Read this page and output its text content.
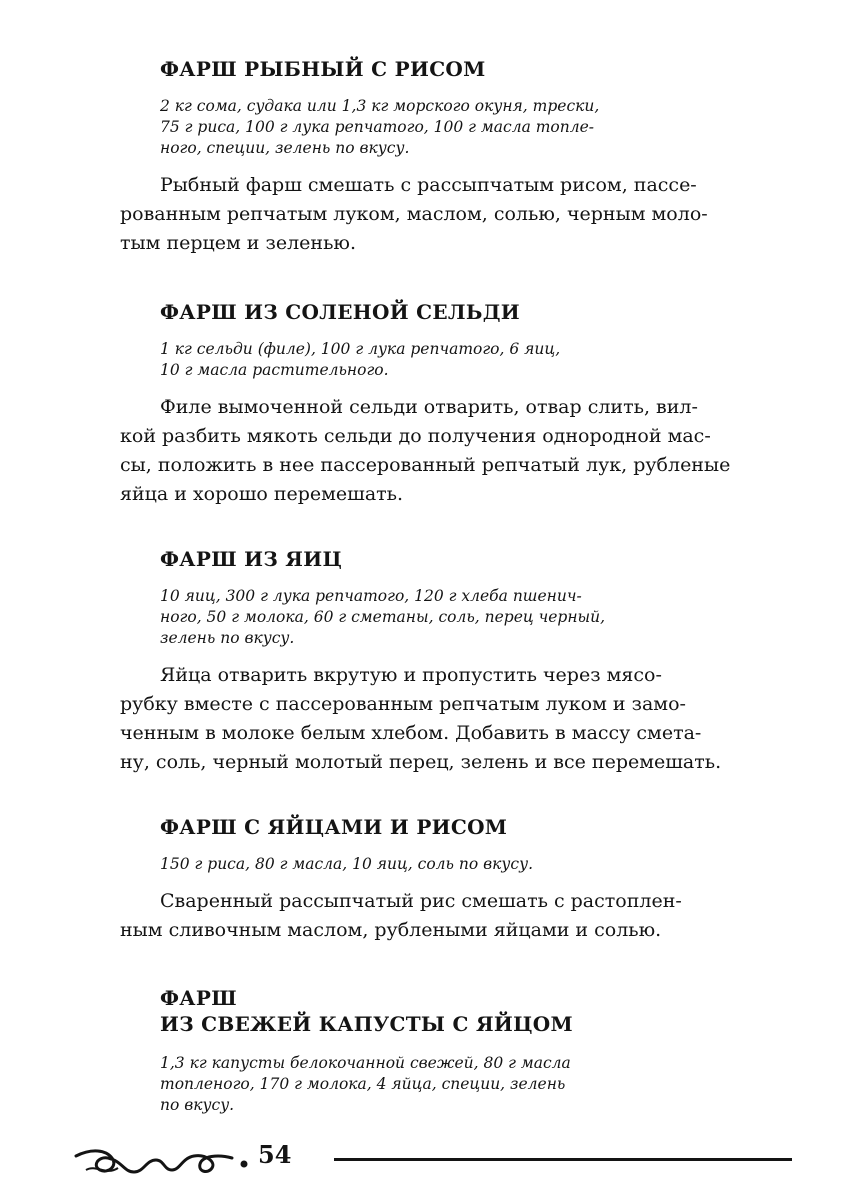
ФАРШ РЫБНЫЙ С РИСОМ
2 кг сома, судака или 1,3 кг морского окуня, трески,
75 г риса, 100 г лука репчатого, 100 г масла топле-
ного, специи, зелень по вкусу.
Рыбный фарш смешать с рассыпчатым рисом, пассе-
рованным репчатым луком, маслом, солью, черным моло-
тым перцем и зеленью.
ФАРШ ИЗ СОЛЕНОЙ СЕЛЬДИ
1 кг сельди (филе), 100 г лука репчатого, 6 яиц,
10 г масла растительного.
Филе вымоченной сельди отварить, отвар слить, вил-
кой разбить мякоть сельди до получения однородной мас-
сы, положить в нее пассерованный репчатый лук, рубленые
яйца и хорошо перемешать.
ФАРШ ИЗ ЯИЦ
10 яиц, 300 г лука репчатого, 120 г хлеба пшенич-
ного, 50 г молока, 60 г сметаны, соль, перец черный,
зелень по вкусу.
Яйца отварить вкрутую и пропустить через мясо-
рубку вместе с пассерованным репчатым луком и замо-
ченным в молоке белым хлебом. Добавить в массу смета-
ну, соль, черный молотый перец, зелень и все перемешать.
ФАРШ С ЯЙЦАМИ И РИСОМ
150 г риса, 80 г масла, 10 яиц, соль по вкусу.
Сваренный рассыпчатый рис смешать с растоплен-
ным сливочным маслом, рублеными яйцами и солью.
ФАРШ
ИЗ СВЕЖЕЙ КАПУСТЫ С ЯЙЦОМ
1,3 кг капусты белокочанной свежей, 80 г масла
топленого, 170 г молока, 4 яйца, специи, зелень
по вкусу.
54
